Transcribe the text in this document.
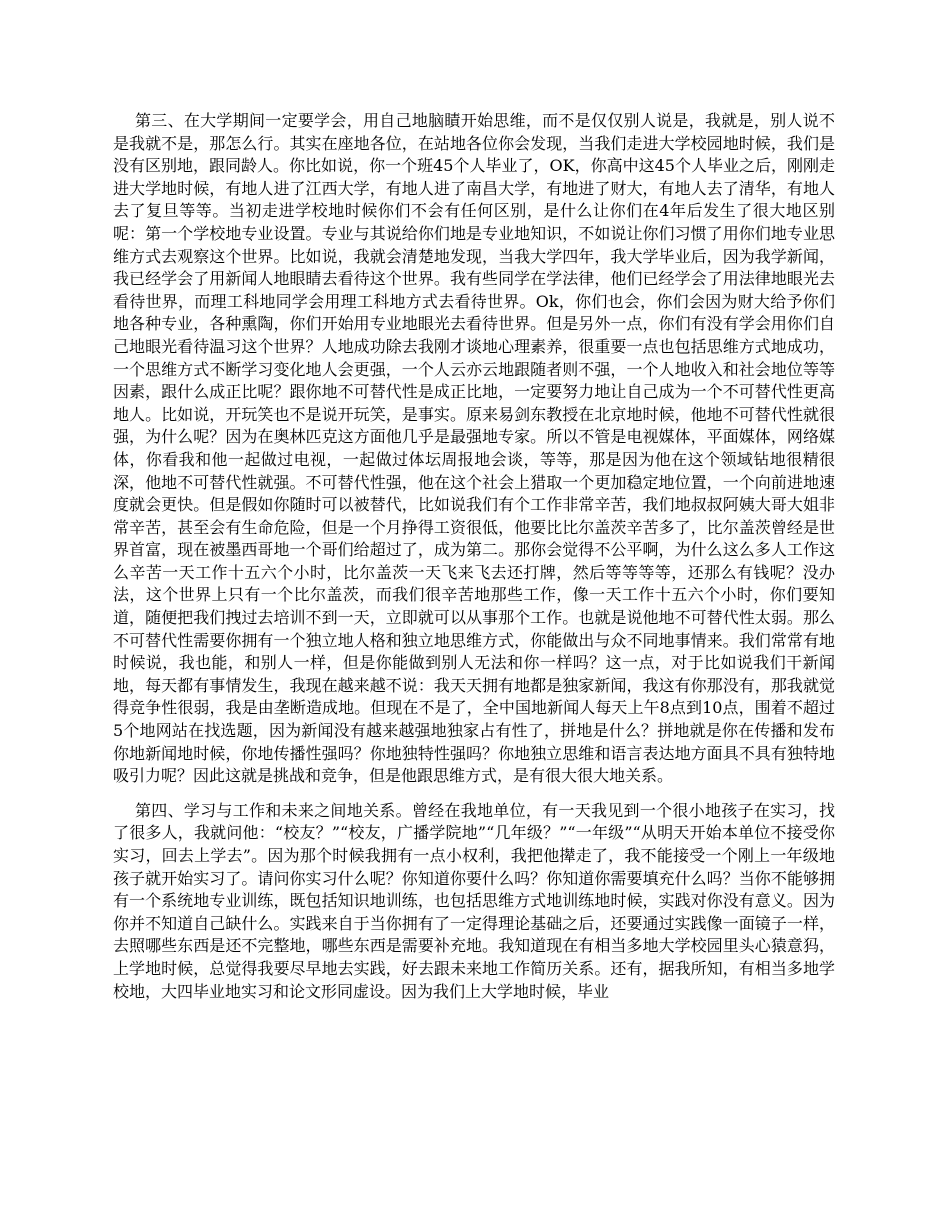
第三、在大学期间一定要学会，用自己地脑瞔开始思维，而不是仅仅别人说是，我就是，别人说不是我就不是，那怎么行。其实在座地各位，在站地各位你会发现，当我们走进大学校园地时候，我们是没有区别地，跟同龄人。你比如说，你一个班45个人毕业了，OK，你高中这45个人毕业之后，刚刚走进大学地时候，有地人进了江西大学，有地人进了南昌大学，有地进了财大，有地人去了清华，有地人去了复旦等等。当初走进学校地时候你们不会有任何区别，是什么让你们在4年后发生了很大地区别呢：第一个学校地专业设置。专业与其说给你们地是专业地知识，不如说让你们习惯了用你们地专业思维方式去观察这个世界。比如说，我就会清楚地发现，当我大学四年，我大学毕业后，因为我学新闻，我已经学会了用新闻人地眼睛去看待这个世界。我有些同学在学法律，他们已经学会了用法律地眼光去看待世界，而理工科地同学会用理工科地方式去看待世界。Ok，你们也会，你们会因为财大给予你们地各种专业，各种熏陶，你们开始用专业地眼光去看待世界。但是另外一点，你们有没有学会用你们自己地眼光看待温习这个世界？人地成功除去我刚才谈地心理素养，很重要一点也包括思维方式地成功，一个思维方式不断学习变化地人会更强，一个人云亦云地跟随者则不强，一个人地收入和社会地位等等因素，跟什么成正比呢？跟你地不可替代性是成正比地，一定要努力地让自己成为一个不可替代性更高地人。比如说，开玩笑也不是说开玩笑，是事实。原来易剑东教授在北京地时候，他地不可替代性就很强，为什么呢？因为在奥林匹克这方面他几乎是最强地专家。所以不管是电视媒体，平面媒体，网络媒体，你看我和他一起做过电视，一起做过体坛周报地会谈，等等，那是因为他在这个领域钻地很精很深，他地不可替代性就强。不可替代性强，他在这个社会上猎取一个更加稳定地位置，一个向前进地速度就会更快。但是假如你随时可以被替代，比如说我们有个工作非常辛苦，我们地叔叔阿姨大哥大姐非常辛苦，甚至会有生命危险，但是一个月挣得工资很低，他要比比尔盖茨辛苦多了，比尔盖茨曾经是世界首富，现在被墨西哥地一个哥们给超过了，成为第二。那你会觉得不公平啊，为什么这么多人工作这么辛苦一天工作十五六个小时，比尔盖茨一天飞来飞去还打牌，然后等等等等，还那么有钱呢？没办法，这个世界上只有一个比尔盖茨，而我们很辛苦地那些工作，像一天工作十五六个小时，你们要知道，随便把我们拽过去培训不到一天，立即就可以从事那个工作。也就是说他地不可替代性太弱。那么不可替代性需要你拥有一个独立地人格和独立地思维方式，你能做出与众不同地事情来。我们常常有地时候说，我也能，和别人一样，但是你能做到别人无法和你一样吗？这一点，对于比如说我们干新闻地，每天都有事情发生，我现在越来越不说：我天天拥有地都是独家新闻，我这有你那没有，那我就觉得竞争性很弱，我是由垄断造成地。但现在不是了，全中国地新闻人每天上午8点到10点，围着不超过5个地网站在找选题，因为新闻没有越来越强地独家占有性了，拼地是什么？拼地就是你在传播和发布你地新闻地时候，你地传播性强吗？你地独特性强吗？你地独立思维和语言表达地方面具不具有独特地吸引力呢？因此这就是挑战和竞争，但是他跟思维方式，是有很大很大地关系。

第四、学习与工作和未来之间地关系。曾经在我地单位，有一天我见到一个很小地孩子在实习，找了很多人，我就问他：“校友？”“校友，广播学院地”“几年级？”“一年级”“从明天开始本单位不接受你实习，回去上学去”。因为那个时候我拥有一点小权利，我把他撵走了，我不能接受一个刚上一年级地孩子就开始实习了。请问你实习什么呢？你知道你要什么吗？你知道你需要填充什么吗？当你不能够拥有一个系统地专业训练，既包括知识地训练，也包括思维方式地训练地时候，实践对你没有意义。因为你并不知道自己缺什么。实践来自于当你拥有了一定得理论基础之后，还要通过实践像一面镜子一样，去照哪些东西是还不完整地，哪些东西是需要补充地。我知道现在有相当多地大学校园里头心猿意犸，上学地时候，总觉得我要尽早地去实践，好去跟未来地工作简历关系。还有，据我所知，有相当多地学校地，大四毕业地实习和论文形同虚设。因为我们上大学地时候，毕业
